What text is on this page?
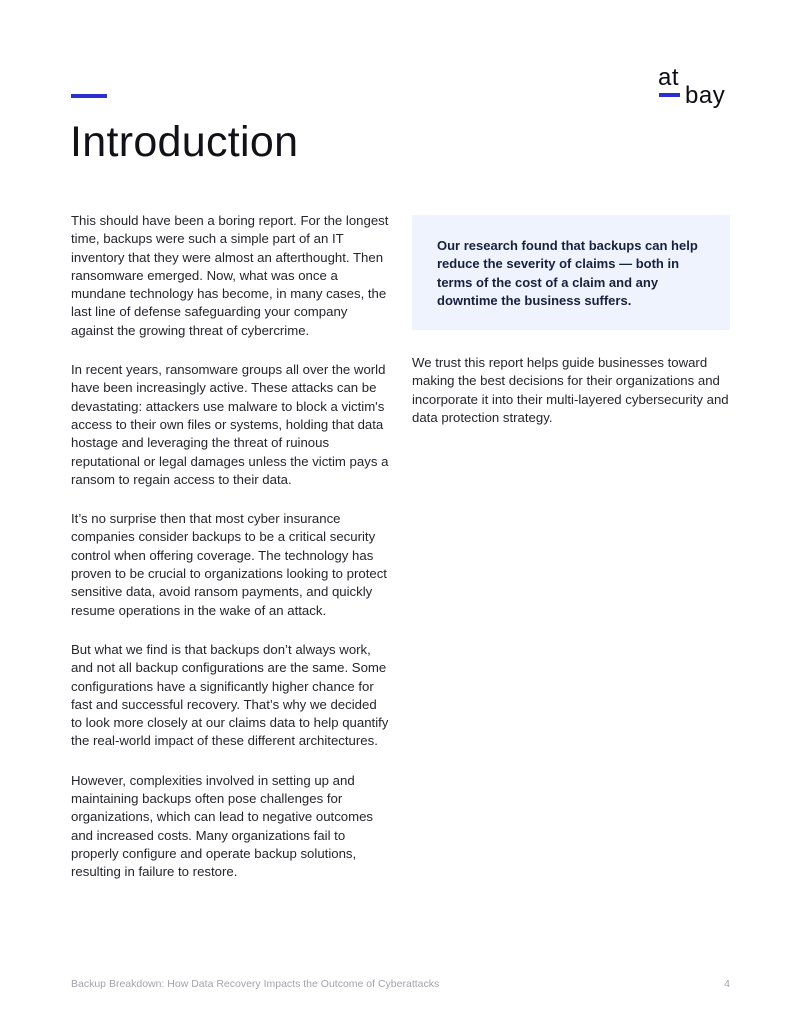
at
bay
Introduction

This should have been a boring report. For the longest time, backups were such a simple part of an IT inventory that they were almost an afterthought. Then ransomware emerged. Now, what was once a mundane technology has become, in many cases, the last line of defense safeguarding your company against the growing threat of cybercrime.

In recent years, ransomware groups all over the world have been increasingly active. These attacks can be devastating: attackers use malware to block a victim's access to their own files or systems, holding that data hostage and leveraging the threat of ruinous reputational or legal damages unless the victim pays a ransom to regain access to their data.

It’s no surprise then that most cyber insurance companies consider backups to be a critical security control when offering coverage. The technology has proven to be crucial to organizations looking to protect sensitive data, avoid ransom payments, and quickly resume operations in the wake of an attack.

But what we find is that backups don’t always work, and not all backup configurations are the same. Some configurations have a significantly higher chance for fast and successful recovery. That’s why we decided to look more closely at our claims data to help quantify the real-world impact of these different architectures.

However, complexities involved in setting up and maintaining backups often pose challenges for organizations, which can lead to negative outcomes and increased costs. Many organizations fail to properly configure and operate backup solutions, resulting in failure to restore.

Our research found that backups can help reduce the severity of claims — both in terms of the cost of a claim and any downtime the business suffers.

We trust this report helps guide businesses toward making the best decisions for their organizations and incorporate it into their multi-layered cybersecurity and data protection strategy.

Backup Breakdown: How Data Recovery Impacts the Outcome of Cyberattacks	4
